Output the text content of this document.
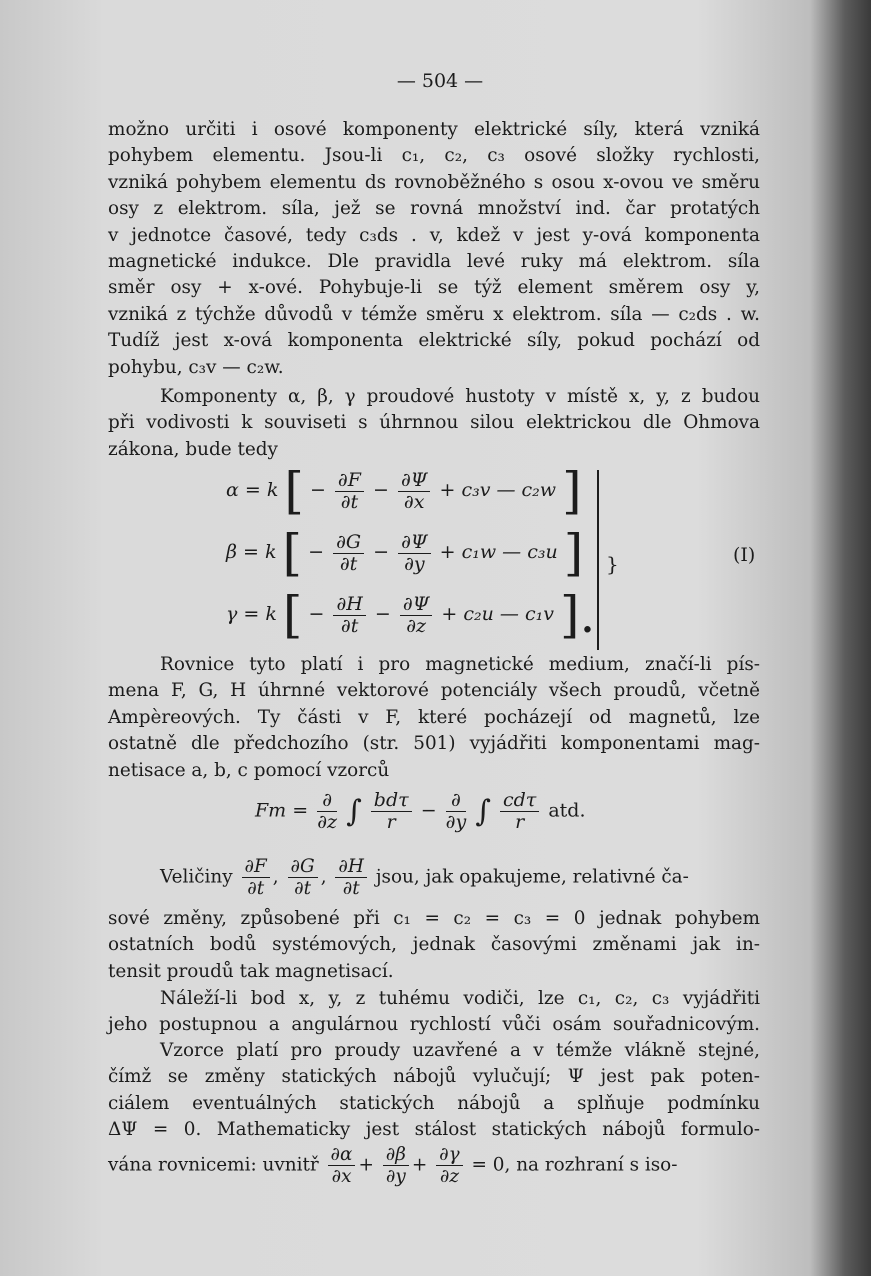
— 504 —
možno určiti i osové komponenty elektrické síly, která vzniká
pohybem elementu. Jsou-li c₁, c₂, c₃ osové složky rychlosti,
vzniká pohybem elementu ds rovnoběžného s osou x-ovou ve směru
osy z elektrom. síla, jež se rovná množství ind. čar protatých
v jednotce časové, tedy c₃ds . v, kdež v jest y-ová komponenta
magnetické indukce. Dle pravidla levé ruky má elektrom. síla
směr osy + x-ové. Pohybuje-li se týž element směrem osy y,
vzniká z týchže důvodů v témže směru x elektrom. síla — c₂ds . w.
Tudíž jest x-ová komponenta elektrické síly, pokud pochází od
pohybu, c₃v — c₂w.
Komponenty α, β, γ proudové hustoty v místě x, y, z budou
při vodivosti k souviseti s úhrnnou silou elektrickou dle Ohmova
zákona, bude tedy
α = k [ − $\frac{\partial F}{\partial t} - \frac{\partial\Psi}{\partial x} + c_3v$ — c₂w ]
β = k [ − $\frac{\partial G}{\partial t} - \frac{\partial\Psi}{\partial y} + c_1w$ — c₃u ]
γ = k [ − $\frac{\partial H}{\partial t} - \frac{\partial\Psi}{\partial z} + c_2u$ — c₁v ].
}	(I)
Rovnice tyto platí i pro magnetické medium, značí-li pís-
mena F, G, H úhrnné vektorové potenciály všech proudů, včetně
Ampèreových. Ty části v F, které pocházejí od magnetů, lze
ostatně dle předchozího (str. 501) vyjádřiti komponentami mag-
netisace a, b, c pomocí vzorců
$Fm = \frac{\partial}{\partial z}$ ∫ $\frac{\text{bdτ}}{r} - \frac{\partial}{\partial y}$ ∫ $\frac{\text{cdτ}}{r}$ atd.
Veličiny $\frac{\partial F}{\partial t}$ , $\frac{\partial G}{\partial t}$ , $\frac{\partial H}{\partial t}$ jsou, jak opakujeme, relativné ča-
sové změny, způsobené při c₁ = c₂ = c₃ = 0 jednak pohybem
ostatních bodů systémových, jednak časovými změnami jak in-
tensit proudů tak magnetisací.
Náleží-li bod x, y, z tuhému vodiči, lze c₁, c₂, c₃ vyjádřiti
jeho postupnou a angulárnou rychlostí vůči osám souřadnicovým.
Vzorce platí pro proudy uzavřené a v témže vlákně stejné,
čímž se změny statických nábojů vylučují; Ψ jest pak poten-
ciálem eventuálných statických nábojů a splňuje podmínku
ΔΨ = 0. Mathematicky jest stálost statických nábojů formulo-
vána rovnicemi: uvnitř $\frac{\partial\alpha}{\partial x} + \frac{\partial\beta}{\partial y} + \frac{\partial\gamma}{\partial z} = 0$, na rozhraní s iso-
